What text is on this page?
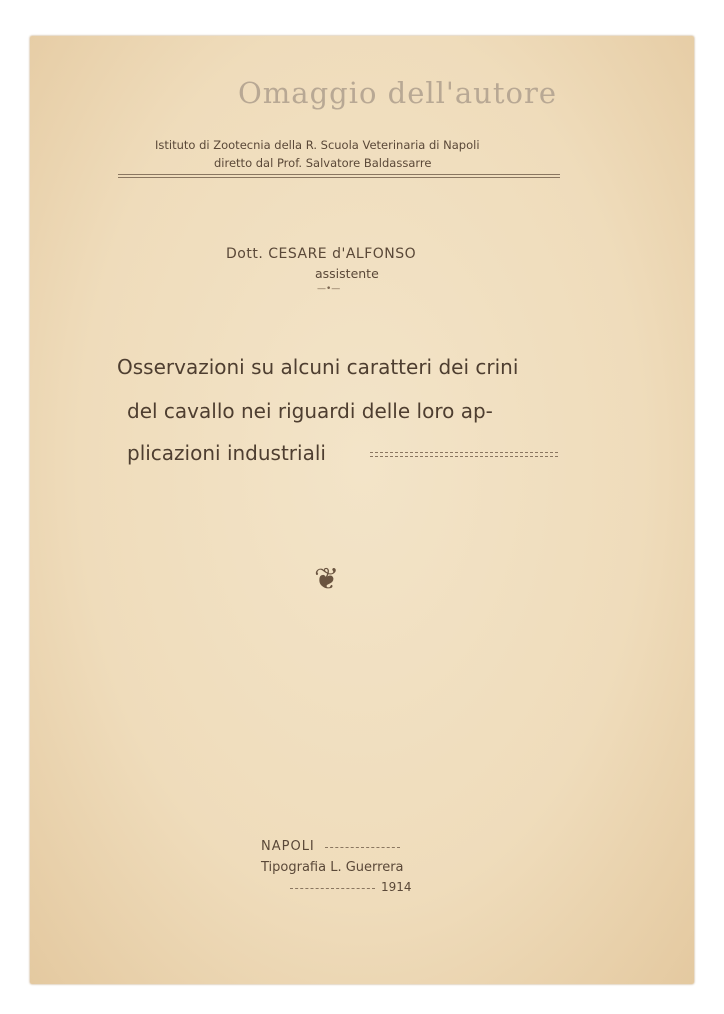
Omaggio dell'autore
Istituto di Zootecnia della R. Scuola Veterinaria di Napoli
diretto dal Prof. Salvatore Baldassarre
Dott. CESARE d'ALFONSO
assistente
—•—
Osservazioni su alcuni caratteri dei crini
del cavallo nei riguardi delle loro ap-
plicazioni industriali
❦
NAPOLI
Tipografia L. Guerrera
1914
